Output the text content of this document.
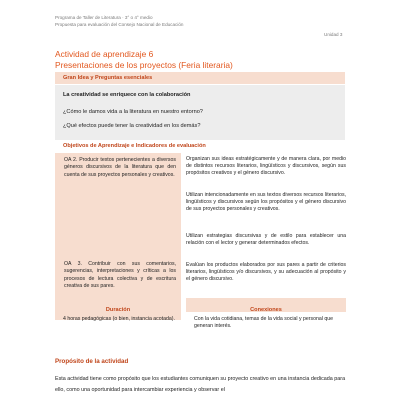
Programa de Taller de Literatura · 3° o 4° medio
Propuesta para evaluación del Consejo Nacional de Educación
Unidad 3
Actividad de aprendizaje 6
Presentaciones de los proyectos (Feria literaria)
Gran Idea y Preguntas esenciales
La creatividad se enriquece con la colaboración
¿Cómo le damos vida a la literatura en nuestro entorno?
¿Qué efectos puede tener la creatividad en los demás?
Objetivos de Aprendizaje e Indicadores de evaluación
OA 2. Producir textos pertenecientes a diversos géneros discursivos de la literatura que den cuenta de sus proyectos personales y creativos.
OA 3. Contribuir con sus comentarios, sugerencias, interpretaciones y críticas a los procesos de lectura colectiva y de escritura creativa de sus pares.
Organizan sus ideas estratégicamente y de manera clara, por medio de distintos recursos literarios, lingüísticos y discursivos, según sus propósitos creativos y el género discursivo.
Utilizan intencionadamente en sus textos diversos recursos literarios, lingüísticos y discursivos según los propósitos y el género discursivo de sus proyectos personales y creativos.
Utilizan estrategias discursivas y de estilo para establecer una relación con el lector y generar determinados efectos.
Evalúan los productos elaborados por sus pares a partir de criterios literarios, lingüísticos y/o discursivos, y su adecuación al propósito y el género discursivo.
Duración	Conexiones
4 horas pedagógicas (o bien, instancia acotada).	Con la vida cotidiana, temas de la vida social y personal que generan interés.
Propósito de la actividad
Esta actividad tiene como propósito que los estudiantes comuniquen su proyecto creativo en una instancia dedicada para ello, como una oportunidad para intercambiar experiencia y observar el
